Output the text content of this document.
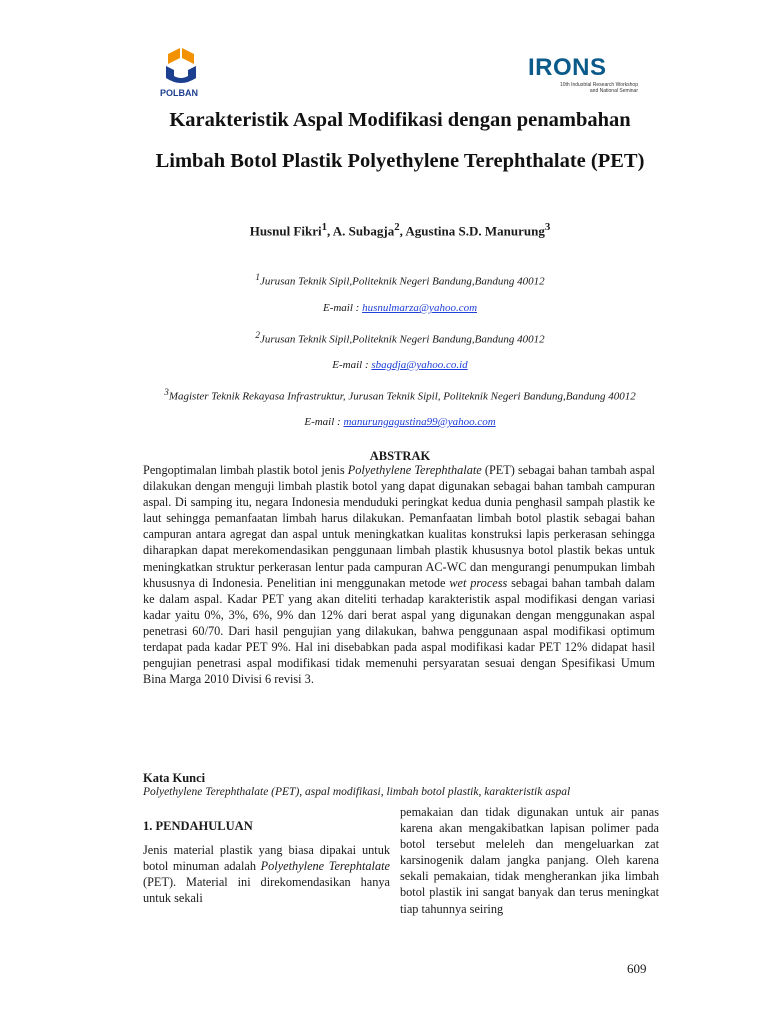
POLBAN
IRONS
10th Industrial Research Workshop
and National Seminar
Karakteristik Aspal Modifikasi dengan penambahan
Limbah Botol Plastik Polyethylene Terephthalate (PET)
Husnul Fikri$^1$, A. Subagja$^2$, Agustina S.D. Manurung$^3$
$^1$Jurusan Teknik Sipil,Politeknik Negeri Bandung,Bandung 40012
E-mail : husnulmarza@yahoo.com
$^2$Jurusan Teknik Sipil,Politeknik Negeri Bandung,Bandung 40012
E-mail : sbagdja@yahoo.co.id
$^3$Magister Teknik Rekayasa Infrastruktur, Jurusan Teknik Sipil, Politeknik Negeri Bandung,Bandung 40012
E-mail : manurungagustina99@yahoo.com
ABSTRAK

Pengoptimalan limbah plastik botol jenis Polyethylene Terephthalate (PET) sebagai bahan tambah aspal dilakukan dengan menguji limbah plastik botol yang dapat digunakan sebagai bahan tambah campuran aspal. Di samping itu, negara Indonesia menduduki peringkat kedua dunia penghasil sampah plastik ke laut sehingga pemanfaatan limbah harus dilakukan. Pemanfaatan limbah botol plastik sebagai bahan campuran antara agregat dan aspal untuk meningkatkan kualitas konstruksi lapis perkerasan sehingga diharapkan dapat merekomendasikan penggunaan limbah plastik khususnya botol plastik bekas untuk meningkatkan struktur perkerasan lentur pada campuran AC-WC dan mengurangi penumpukan limbah khususnya di Indonesia. Penelitian ini menggunakan metode wet process sebagai bahan tambah dalam ke dalam aspal. Kadar PET yang akan diteliti terhadap karakteristik aspal modifikasi dengan variasi kadar yaitu 0%, 3%, 6%, 9% dan 12% dari berat aspal yang digunakan dengan menggunakan aspal penetrasi 60/70. Dari hasil pengujian yang dilakukan, bahwa penggunaan aspal modifikasi optimum terdapat pada kadar PET 9%. Hal ini disebabkan pada aspal modifikasi kadar PET 12% didapat hasil pengujian penetrasi aspal modifikasi tidak memenuhi persyaratan sesuai dengan Spesifikasi Umum Bina Marga 2010 Divisi 6 revisi 3.

Kata Kunci
Polyethylene Terephthalate (PET), aspal modifikasi, limbah botol plastik, karakteristik aspal
1. PENDAHULUAN
Jenis material plastik yang biasa dipakai untuk botol minuman adalah Polyethylene Terephtalate (PET). Material ini direkomendasikan hanya untuk sekali
pemakaian dan tidak digunakan untuk air panas karena akan mengakibatkan lapisan polimer pada botol tersebut meleleh dan mengeluarkan zat karsinogenik dalam jangka panjang. Oleh karena sekali pemakaian, tidak mengherankan jika limbah botol plastik ini sangat banyak dan terus meningkat tiap tahunnya seiring
609
